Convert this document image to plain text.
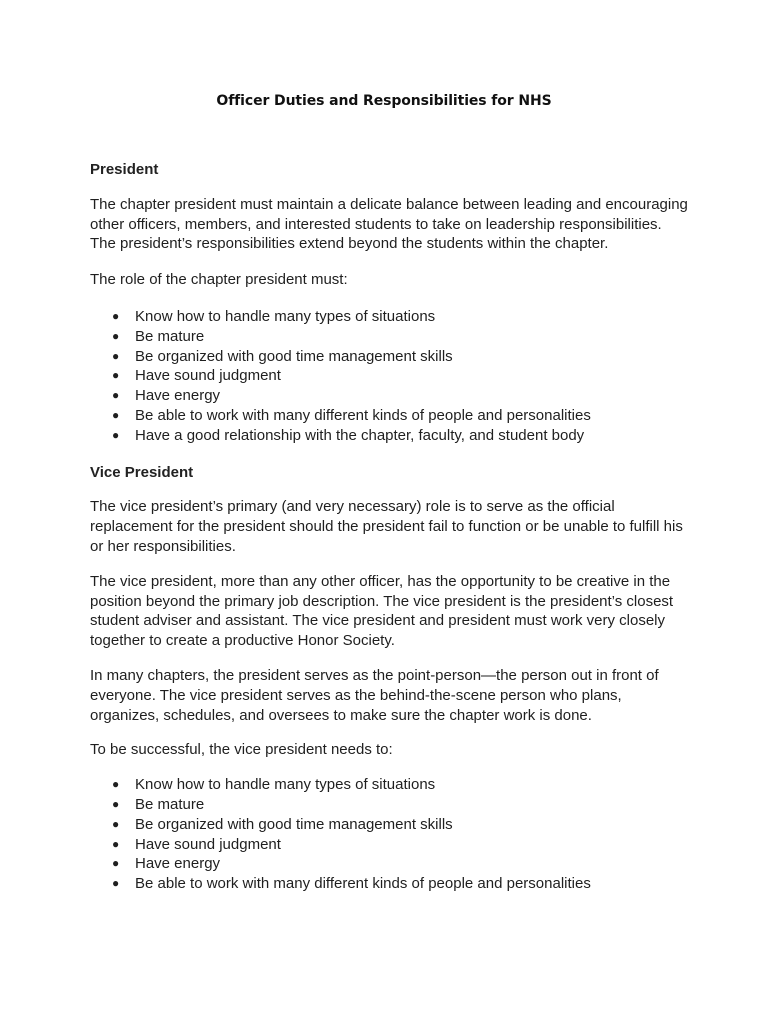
Officer Duties and Responsibilities for NHS
President
The chapter president must maintain a delicate balance between leading and encouraging other officers, members, and interested students to take on leadership responsibilities. The president’s responsibilities extend beyond the students within the chapter.
The role of the chapter president must:
● Know how to handle many types of situations
● Be mature
● Be organized with good time management skills
● Have sound judgment
● Have energy
● Be able to work with many different kinds of people and personalities
● Have a good relationship with the chapter, faculty, and student body
Vice President
The vice president’s primary (and very necessary) role is to serve as the official replacement for the president should the president fail to function or be unable to fulfill his or her responsibilities.
The vice president, more than any other officer, has the opportunity to be creative in the position beyond the primary job description. The vice president is the president’s closest student adviser and assistant. The vice president and president must work very closely together to create a productive Honor Society.
In many chapters, the president serves as the point-person—the person out in front of everyone. The vice president serves as the behind-the-scene person who plans, organizes, schedules, and oversees to make sure the chapter work is done.
To be successful, the vice president needs to:
● Know how to handle many types of situations
● Be mature
● Be organized with good time management skills
● Have sound judgment
● Have energy
● Be able to work with many different kinds of people and personalities
